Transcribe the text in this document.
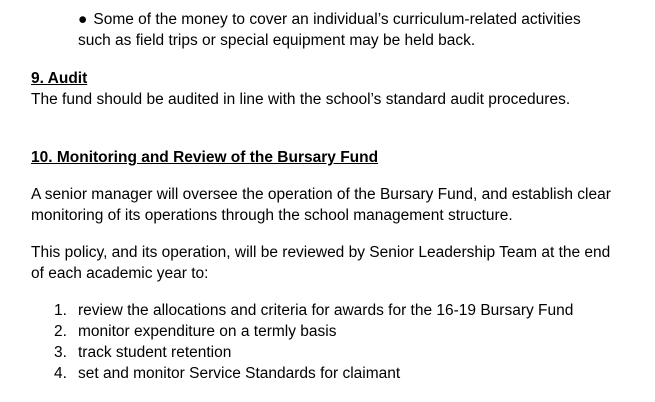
● Some of the money to cover an individual’s curriculum-related activities
such as field trips or special equipment may be held back.
9. Audit
The fund should be audited in line with the school’s standard audit procedures.
10. Monitoring and Review of the Bursary Fund
A senior manager will oversee the operation of the Bursary Fund, and establish clear
monitoring of its operations through the school management structure.
This policy, and its operation, will be reviewed by Senior Leadership Team at the end
of each academic year to:
1. review the allocations and criteria for awards for the 16-19 Bursary Fund
2. monitor expenditure on a termly basis
3. track student retention
4. set and monitor Service Standards for claimant
